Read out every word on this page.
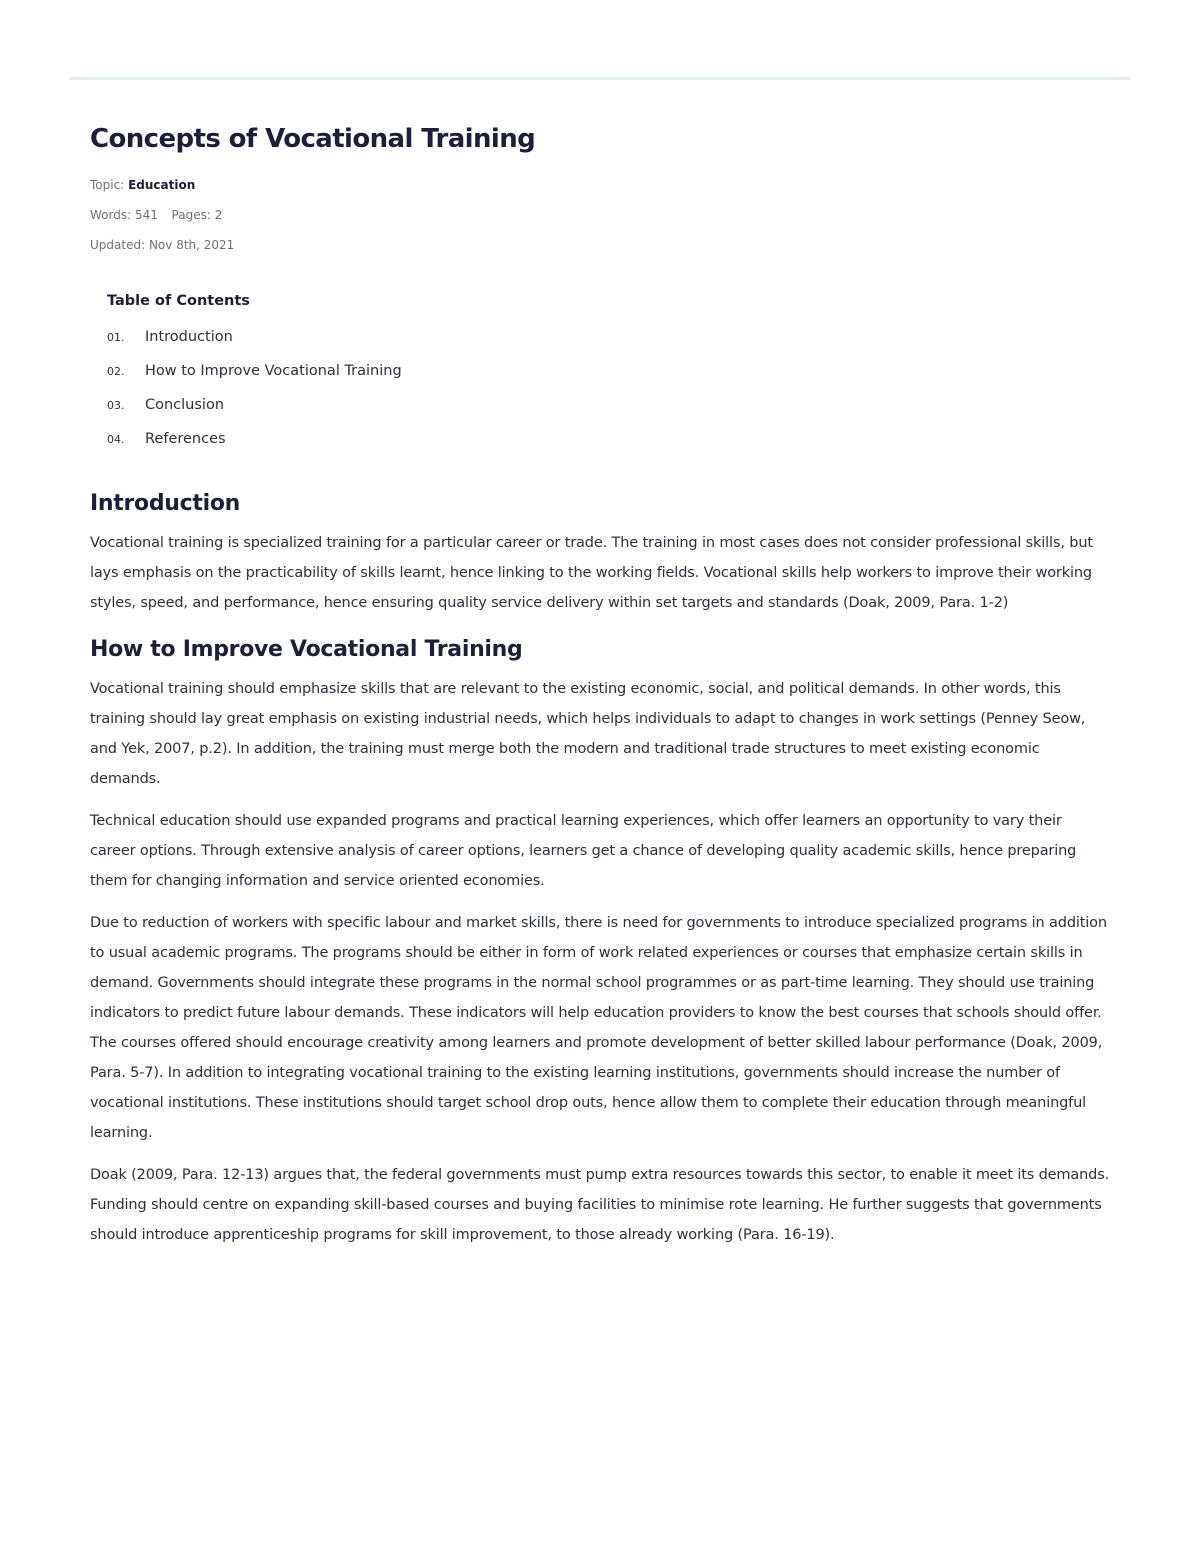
Concepts of Vocational Training
Topic: Education
Words: 541 Pages: 2
Updated: Nov 8th, 2021
Table of Contents
01.	Introduction
02.	How to Improve Vocational Training
03.	Conclusion
04.	References
Introduction

Vocational training is specialized training for a particular career or trade. The training in most cases does not consider professional skills, but lays emphasis on the practicability of skills learnt, hence linking to the working fields. Vocational skills help workers to improve their working styles, speed, and performance, hence ensuring quality service delivery within set targets and standards (Doak, 2009, Para. 1-2)

How to Improve Vocational Training

Vocational training should emphasize skills that are relevant to the existing economic, social, and political demands. In other words, this training should lay great emphasis on existing industrial needs, which helps individuals to adapt to changes in work settings (Penney Seow, and Yek, 2007, p.2). In addition, the training must merge both the modern and traditional trade structures to meet existing economic demands.

Technical education should use expanded programs and practical learning experiences, which offer learners an opportunity to vary their career options. Through extensive analysis of career options, learners get a chance of developing quality academic skills, hence preparing them for changing information and service oriented economies.

Due to reduction of workers with specific labour and market skills, there is need for governments to introduce specialized programs in addition to usual academic programs. The programs should be either in form of work related experiences or courses that emphasize certain skills in demand. Governments should integrate these programs in the normal school programmes or as part-time learning. They should use training indicators to predict future labour demands. These indicators will help education providers to know the best courses that schools should offer. The courses offered should encourage creativity among learners and promote development of better skilled labour performance (Doak, 2009, Para. 5-7). In addition to integrating vocational training to the existing learning institutions, governments should increase the number of vocational institutions. These institutions should target school drop outs, hence allow them to complete their education through meaningful learning.

Doak (2009, Para. 12-13) argues that, the federal governments must pump extra resources towards this sector, to enable it meet its demands. Funding should centre on expanding skill-based courses and buying facilities to minimise rote learning. He further suggests that governments should introduce apprenticeship programs for skill improvement, to those already working (Para. 16-19).
